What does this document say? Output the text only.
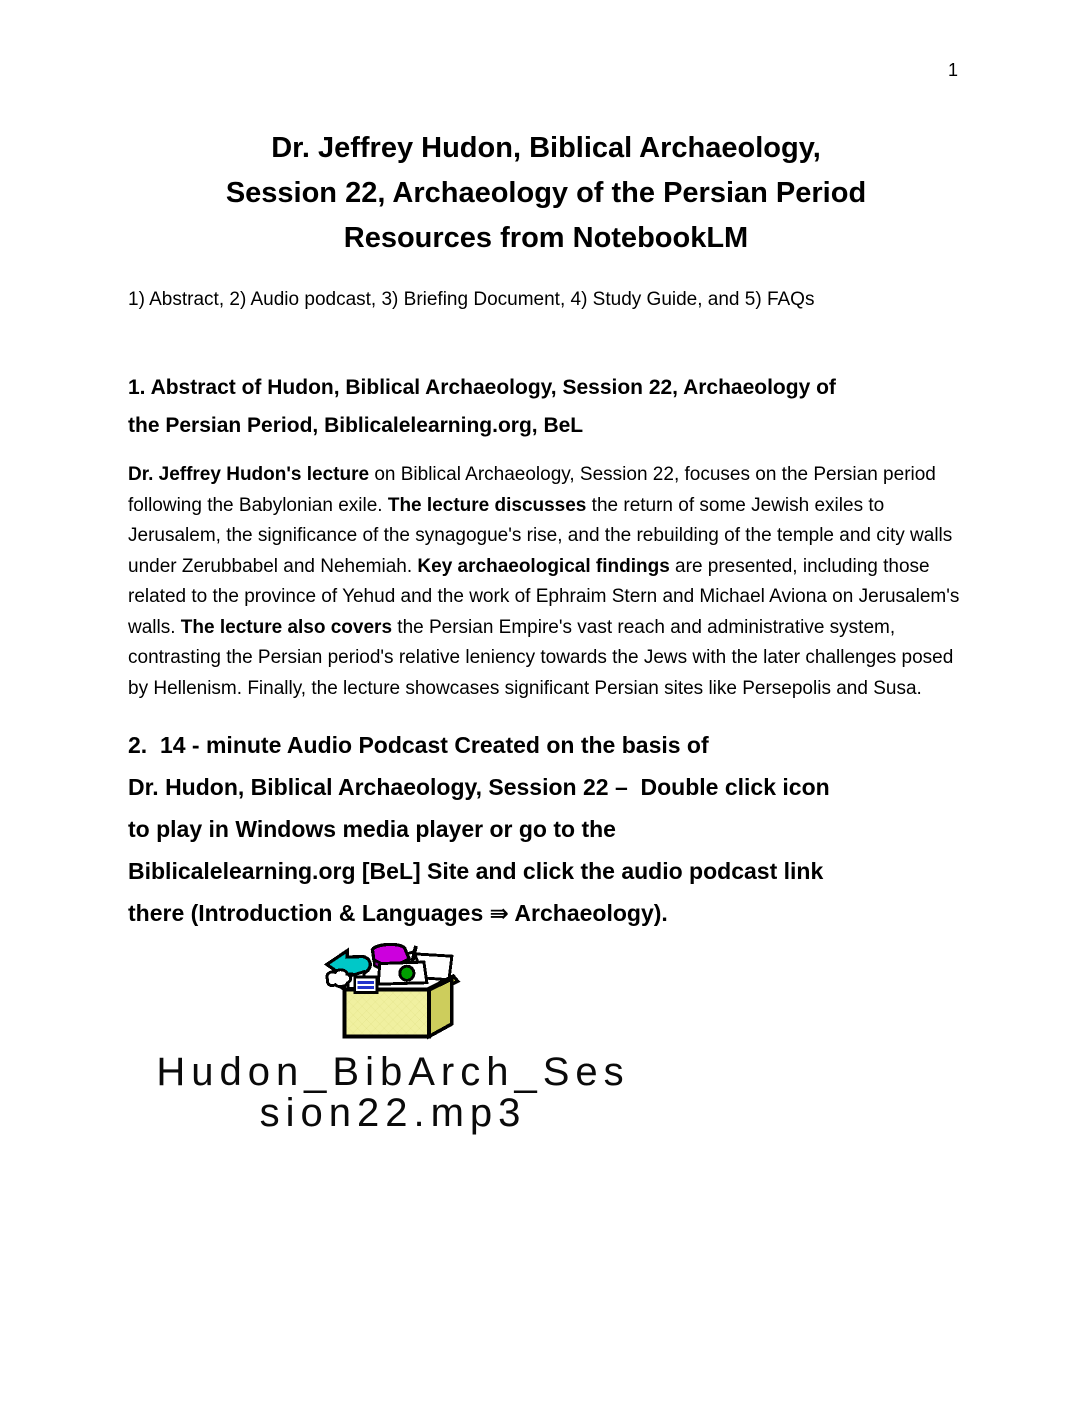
1
Dr. Jeffrey Hudon, Biblical Archaeology,
Session 22, Archaeology of the Persian Period
Resources from NotebookLM

1) Abstract, 2) Audio podcast, 3) Briefing Document, 4) Study Guide, and 5) FAQs

1. Abstract of Hudon, Biblical Archaeology, Session 22, Archaeology of
the Persian Period, Biblicalelearning.org, BeL

Dr. Jeffrey Hudon's lecture on Biblical Archaeology, Session 22, focuses on the Persian period following the Babylonian exile. The lecture discusses the return of some Jewish exiles to Jerusalem, the significance of the synagogue's rise, and the rebuilding of the temple and city walls under Zerubbabel and Nehemiah. Key archaeological findings are presented, including those related to the province of Yehud and the work of Ephraim Stern and Michael Aviona on Jerusalem's walls. The lecture also covers the Persian Empire's vast reach and administrative system, contrasting the Persian period's relative leniency towards the Jews with the later challenges posed by Hellenism. Finally, the lecture showcases significant Persian sites like Persepolis and Susa.

2.  14 - minute Audio Podcast Created on the basis of
Dr. Hudon, Biblical Archaeology, Session 22 –  Double click icon
to play in Windows media player or go to the
Biblicalelearning.org [BeL] Site and click the audio podcast link
there (Introduction & Languages ⇛ Archaeology).
Hudon_BibArch_Ses
sion22.mp3
